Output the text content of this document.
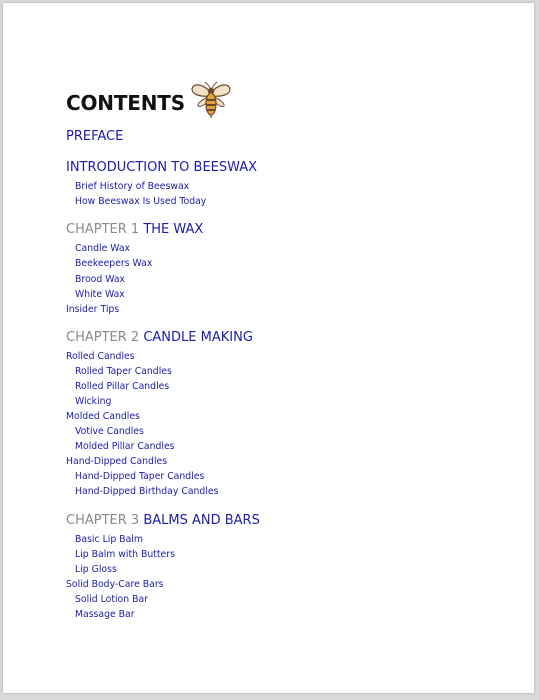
CONTENTS
PREFACE
INTRODUCTION TO BEESWAX
Brief History of Beeswax
How Beeswax Is Used Today
CHAPTER 1 THE WAX
Candle Wax
Beekeepers Wax
Brood Wax
White Wax
Insider Tips
CHAPTER 2 CANDLE MAKING
Rolled Candles
Rolled Taper Candles
Rolled Pillar Candles
Wicking
Molded Candles
Votive Candles
Molded Pillar Candles
Hand-Dipped Candles
Hand-Dipped Taper Candles
Hand-Dipped Birthday Candles
CHAPTER 3 BALMS AND BARS
Basic Lip Balm
Lip Balm with Butters
Lip Gloss
Solid Body-Care Bars
Solid Lotion Bar
Massage Bar
